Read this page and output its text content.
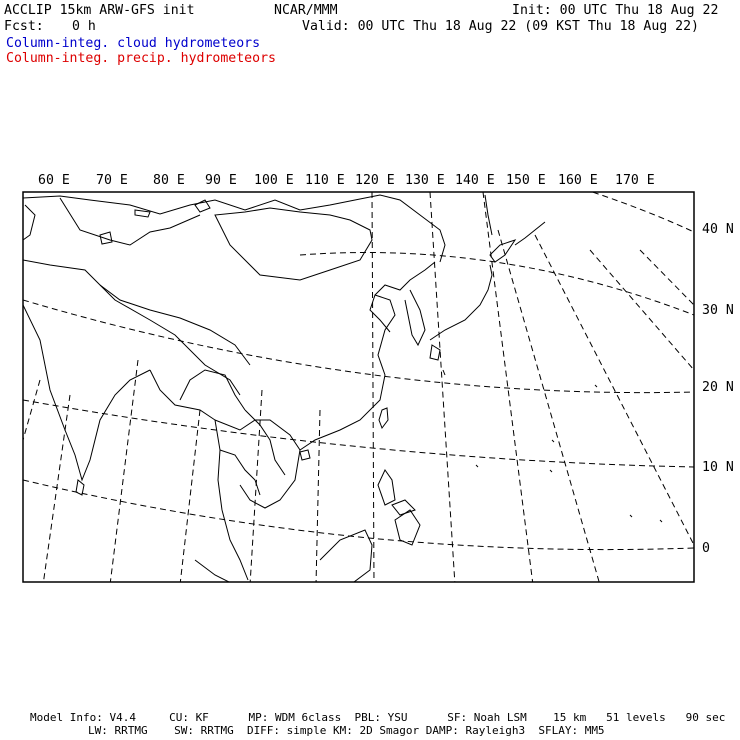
ACCLIP 15km ARW-GFS init
Fcst: 0 h
NCAR/MMM	Init: 00 UTC Thu 18 Aug 22
Valid: 00 UTC Thu 18 Aug 22 (09 KST Thu 18 Aug 22)
Column-integ. cloud hydrometeors
Column-integ. precip. hydrometeors
60 E 70 E 80 E 90 E 100 E 110 E 120 E 130 E 140 E 150 E 160 E 170 E
40 N
30 N
20 N
10 N
0
Model Info: V4.4     CU: KF      MP: WDM 6class  PBL: YSU      SF: Noah LSM    15 km   51 levels   90 sec
LW: RRTMG    SW: RRTMG  DIFF: simple KM: 2D Smagor DAMP: Rayleigh3  SFLAY: MM5
